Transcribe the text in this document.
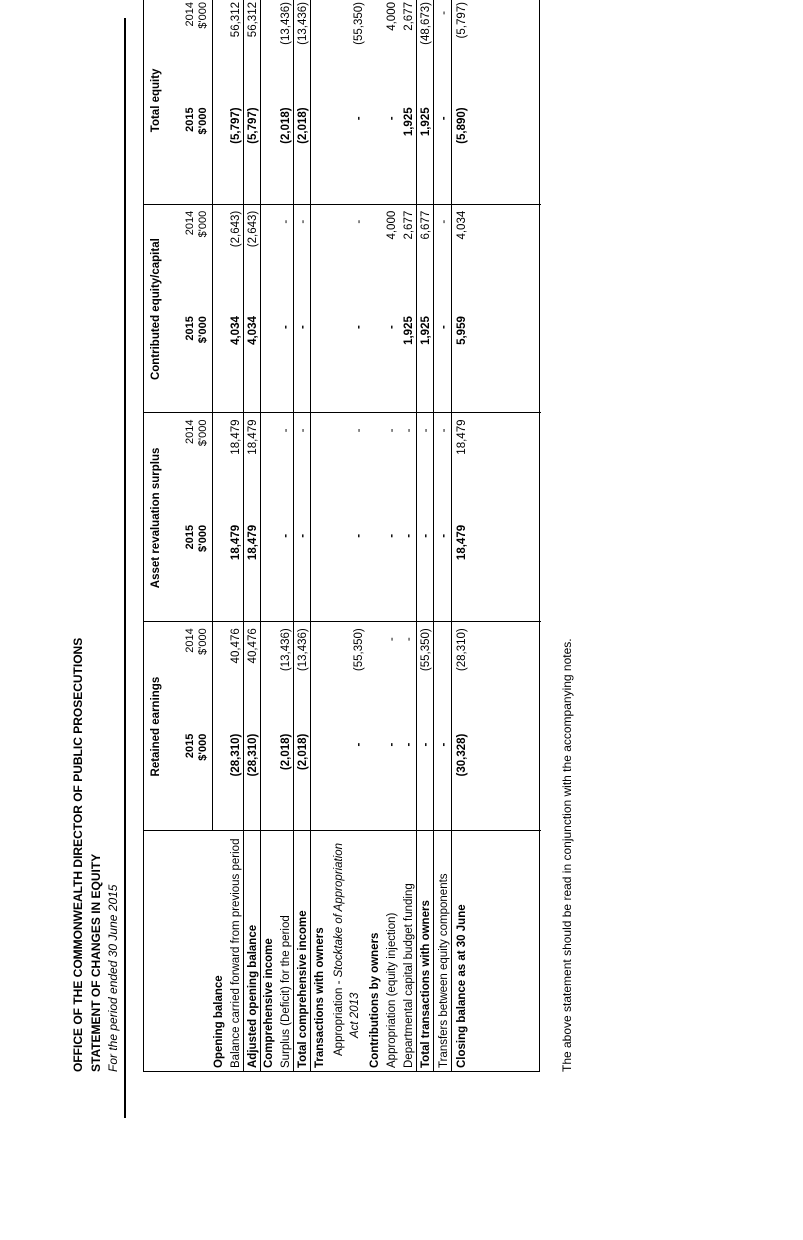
OFFICE OF THE COMMONWEALTH DIRECTOR OF PUBLIC PROSECUTIONS STATEMENT OF CHANGES IN EQUITY For the period ended 30 June 2015
Retained earnings
Asset revaluation surplus
Contributed equity/capital
Total equity
2015 $'000
2014 $'000
2015 $'000
2014 $'000
2015 $'000
2014 $'000
2015 $'000
2014 $'000
Opening balance Balance carried forward from previous period
(28,310)
40,476
18,479
18,479
4,034
(2,643)
(5,797)
56,312
Adjusted opening balance
(28,310)
40,476
18,479
18,479
4,034
(2,643)
(5,797)
56,312
Comprehensive income Surplus (Deficit) for the period
(2,018)
(13,436)
-
-
-
-
(2,018)
(13,436)
Total comprehensive income
(2,018)
(13,436)
-
-
-
-
(2,018)
(13,436)
Transactions with owners Appropriation - Stocktake of Appropriation
Act 2013
-
(55,350)
-
-
-
-
-
(55,350)
Contributions by owners Appropriation (equity injection)
-
-
-
-
-
4,000
-
4,000
Departmental capital budget funding
-
-
-
-
1,925
2,677
1,925
2,677
Total transactions with owners
-
(55,350)
-
-
1,925
6,677
1,925
(48,673)
Transfers between equity components
-
-
-
-
-
-
-
Closing balance as at 30 June
(30,328)
(28,310)
18,479
18,479
5,959
4,034
(5,890)
(5,797)
The above statement should be read in conjunction with the accompanying notes.
